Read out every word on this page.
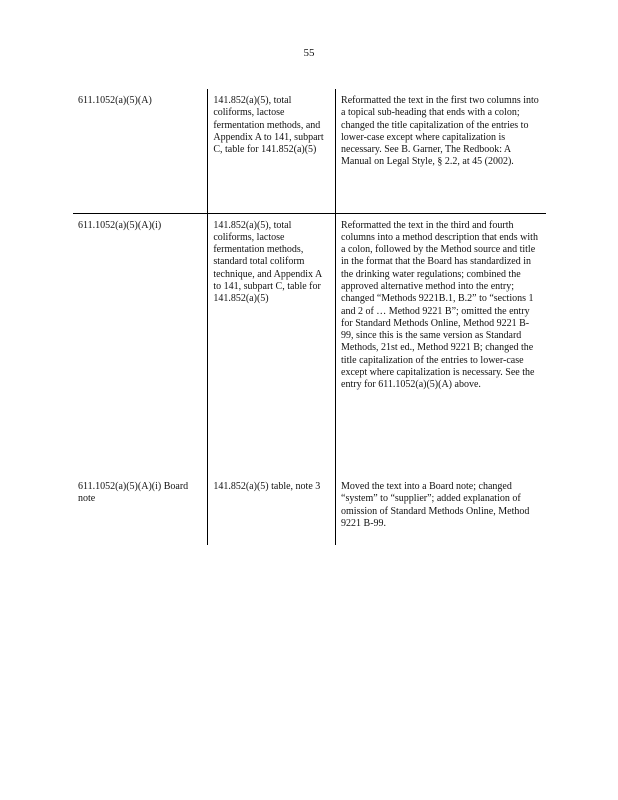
55
611.1052(a)(5)(A)	141.852(a)(5), total coliforms, lactose fermentation methods, and Appendix A to 141, subpart C, table for 141.852(a)(5)	Reformatted the text in the first two columns into a topical sub-heading that ends with a colon; changed the title capitalization of the entries to lower-case except where capitalization is necessary. See B. Garner, The Redbook: A Manual on Legal Style, § 2.2, at 45 (2002).

611.1052(a)(5)(A)(i)	141.852(a)(5), total coliforms, lactose fermentation methods, standard total coliform technique, and Appendix A to 141, subpart C, table for 141.852(a)(5)	Reformatted the text in the third and fourth columns into a method description that ends with a colon, followed by the Method source and title in the format that the Board has standardized in the drinking water regulations; combined the approved alternative method into the entry; changed “Methods 9221B.1, B.2” to “sections 1 and 2 of … Method 9221 B”; omitted the entry for Standard Methods Online, Method 9221 B-99, since this is the same version as Standard Methods, 21st ed., Method 9221 B; changed the title capitalization of the entries to lower-case except where capitalization is necessary. See the entry for 611.1052(a)(5)(A) above.

611.1052(a)(5)(A)(i) Board note	141.852(a)(5) table, note 3	Moved the text into a Board note; changed “system” to “supplier”; added explanation of omission of Standard Methods Online, Method 9221 B-99.
